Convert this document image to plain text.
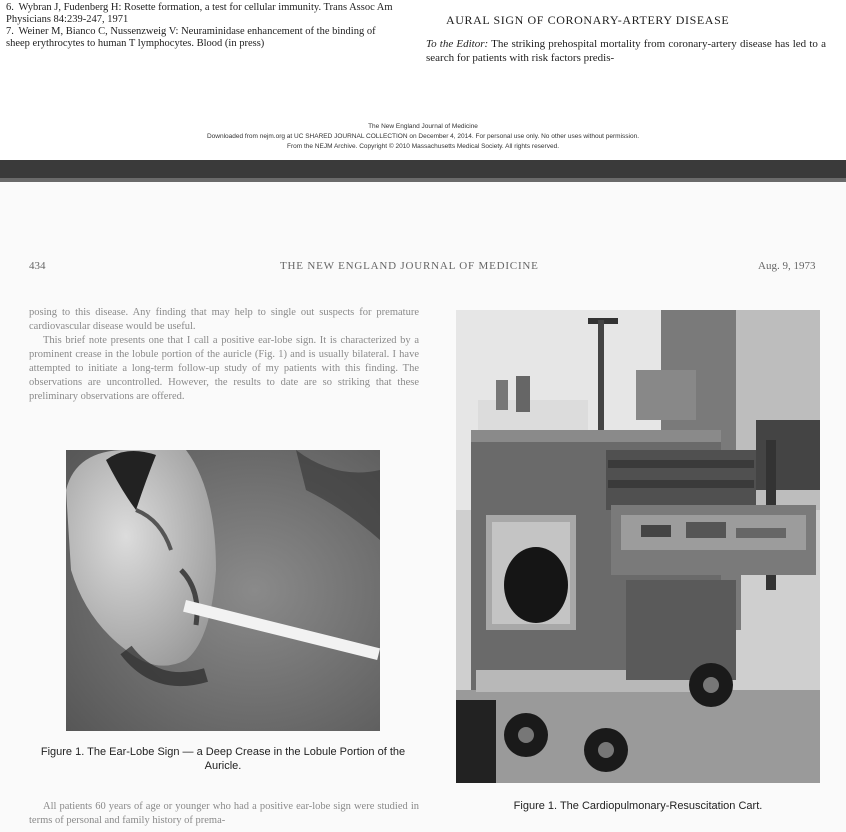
6. Wybran J, Fudenberg H: Rosette formation, a test for cellular immunity. Trans Assoc Am Physicians 84:239-247, 1971
7. Weiner M, Bianco C, Nussenzweig V: Neuraminidase enhancement of the binding of sheep erythrocytes to human T lymphocytes. Blood (in press)
AURAL SIGN OF CORONARY-ARTERY DISEASE
To the Editor: The striking prehospital mortality from coronary-artery disease has led to a search for patients with risk factors predis-
The New England Journal of Medicine
Downloaded from nejm.org at UC SHARED JOURNAL COLLECTION on December 4, 2014. For personal use only. No other uses without permission.
From the NEJM Archive. Copyright © 2010 Massachusetts Medical Society. All rights reserved.
434	THE NEW ENGLAND JOURNAL OF MEDICINE	Aug. 9, 1973

posing to this disease. Any finding that may help to single out suspects for premature cardiovascular disease would be useful.

This brief note presents one that I call a positive ear-lobe sign. It is characterized by a prominent crease in the lobule portion of the auricle (Fig. 1) and is usually bilateral. I have attempted to initiate a long-term follow-up study of my patients with this finding. The observations are uncontrolled. However, the results to date are so striking that these preliminary observations are offered.

Figure 1. The Ear-Lobe Sign — a Deep Crease in the Lobule Portion of the Auricle.
Figure 1. The Cardiopulmonary-Resuscitation Cart.
All patients 60 years of age or younger who had a positive ear-lobe sign were studied in terms of personal and family history of prema-
